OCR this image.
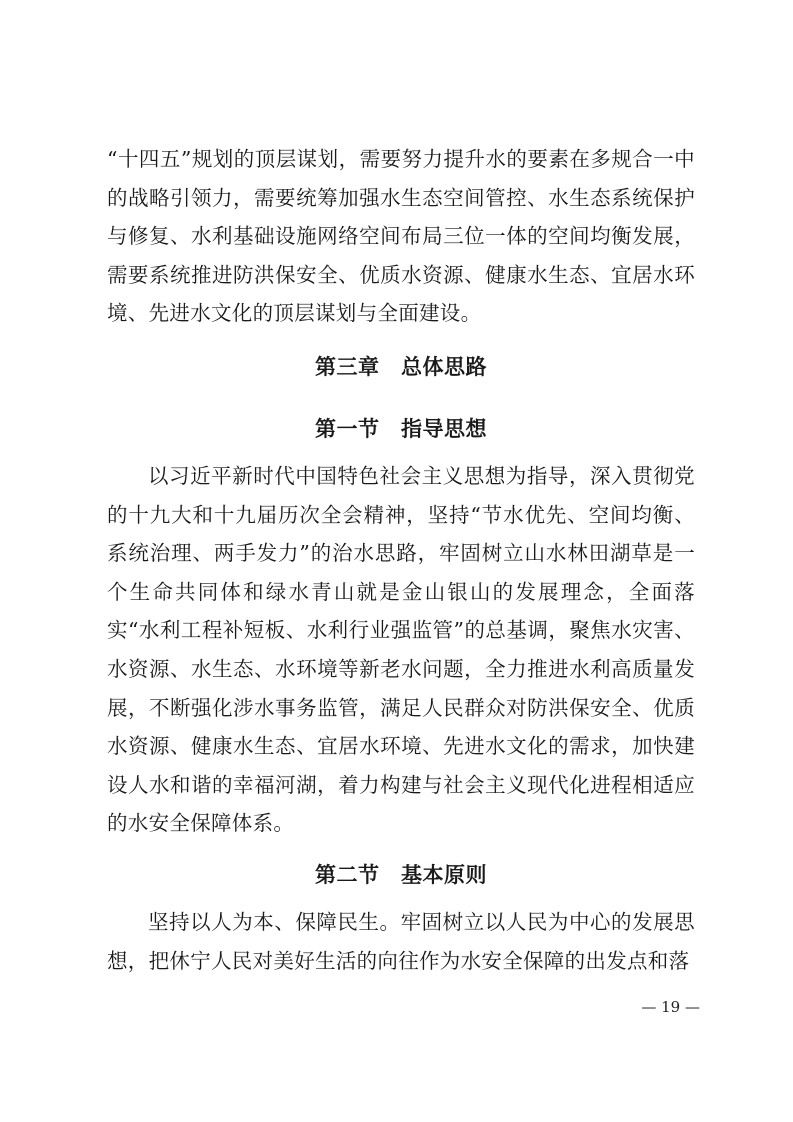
“十四五”规划的顶层谋划，需要努力提升水的要素在多规合一中的战略引领力，需要统筹加强水生态空间管控、水生态系统保护与修复、水利基础设施网络空间布局三位一体的空间均衡发展，需要系统推进防洪保安全、优质水资源、健康水生态、宜居水环境、先进水文化的顶层谋划与全面建设。

第三章　总体思路
第一节　指导思想

以习近平新时代中国特色社会主义思想为指导，深入贯彻党的十九大和十九届历次全会精神，坚持“节水优先、空间均衡、系统治理、两手发力”的治水思路，牢固树立山水林田湖草是一个生命共同体和绿水青山就是金山银山的发展理念，全面落实“水利工程补短板、水利行业强监管”的总基调，聚焦水灾害、水资源、水生态、水环境等新老水问题，全力推进水利高质量发展，不断强化涉水事务监管，满足人民群众对防洪保安全、优质水资源、健康水生态、宜居水环境、先进水文化的需求，加快建设人水和谐的幸福河湖，着力构建与社会主义现代化进程相适应的水安全保障体系。

第二节　基本原则

坚持以人为本、保障民生。牢固树立以人民为中心的发展思想，把休宁人民对美好生活的向往作为水安全保障的出发点和落

— 19 —
